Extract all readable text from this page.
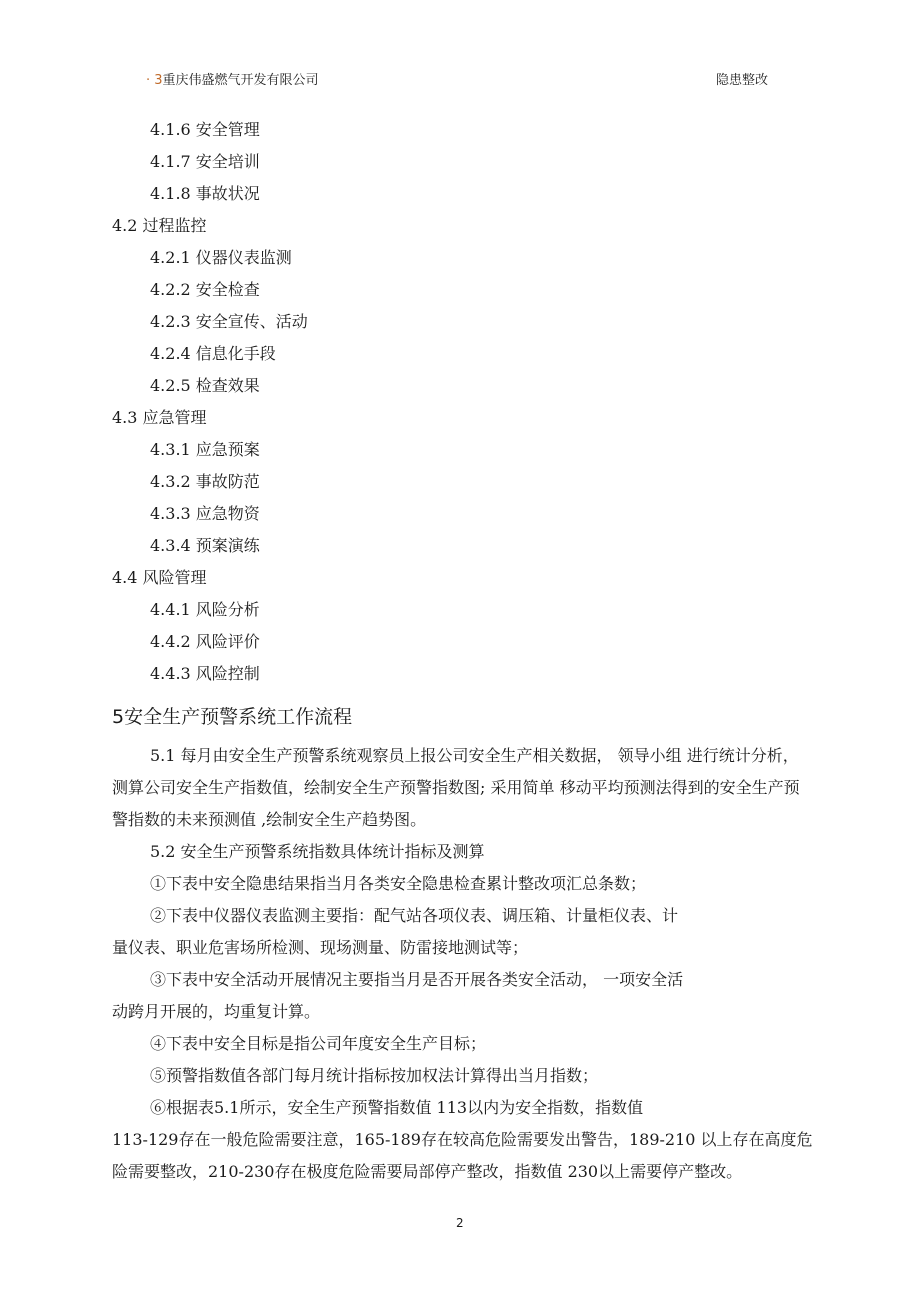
· 3重庆伟盛燃气开发有限公司	隐患整改
4.1.6 安全管理
4.1.7 安全培训
4.1.8 事故状况
4.2 过程监控
4.2.1 仪器仪表监测
4.2.2 安全检查
4.2.3 安全宣传、活动
4.2.4 信息化手段
4.2.5 检查效果
4.3 应急管理
4.3.1 应急预案
4.3.2 事故防范
4.3.3 应急物资
4.3.4 预案演练
4.4 风险管理
4.4.1 风险分析
4.4.2 风险评价
4.4.3 风险控制
5安全生产预警系统工作流程
5.1 每月由安全生产预警系统观察员上报公司安全生产相关数据， 领导小组 进行统计分析，
测算公司安全生产指数值，绘制安全生产预警指数图; 采用简单 移动平均预测法得到的安全生产预
警指数的未来预测值 ,绘制安全生产趋势图。
5.2 安全生产预警系统指数具体统计指标及测算
①下表中安全隐患结果指当月各类安全隐患检查累计整改项汇总条数；
②下表中仪器仪表监测主要指：配气站各项仪表、调压箱、计量柜仪表、计
量仪表、职业危害场所检测、现场测量、防雷接地测试等；
③下表中安全活动开展情况主要指当月是否开展各类安全活动， 一项安全活
动跨月开展的，均重复计算。
④下表中安全目标是指公司年度安全生产目标；
⑤预警指数值各部门每月统计指标按加权法计算得出当月指数；
⑥根据表5.1所示，安全生产预警指数值 113以内为安全指数，指数值
113-129存在一般危险需要注意，165-189存在较高危险需要发出警告，189-210 以上存在高度危
险需要整改，210-230存在极度危险需要局部停产整改，指数值 230以上需要停产整改。
2
